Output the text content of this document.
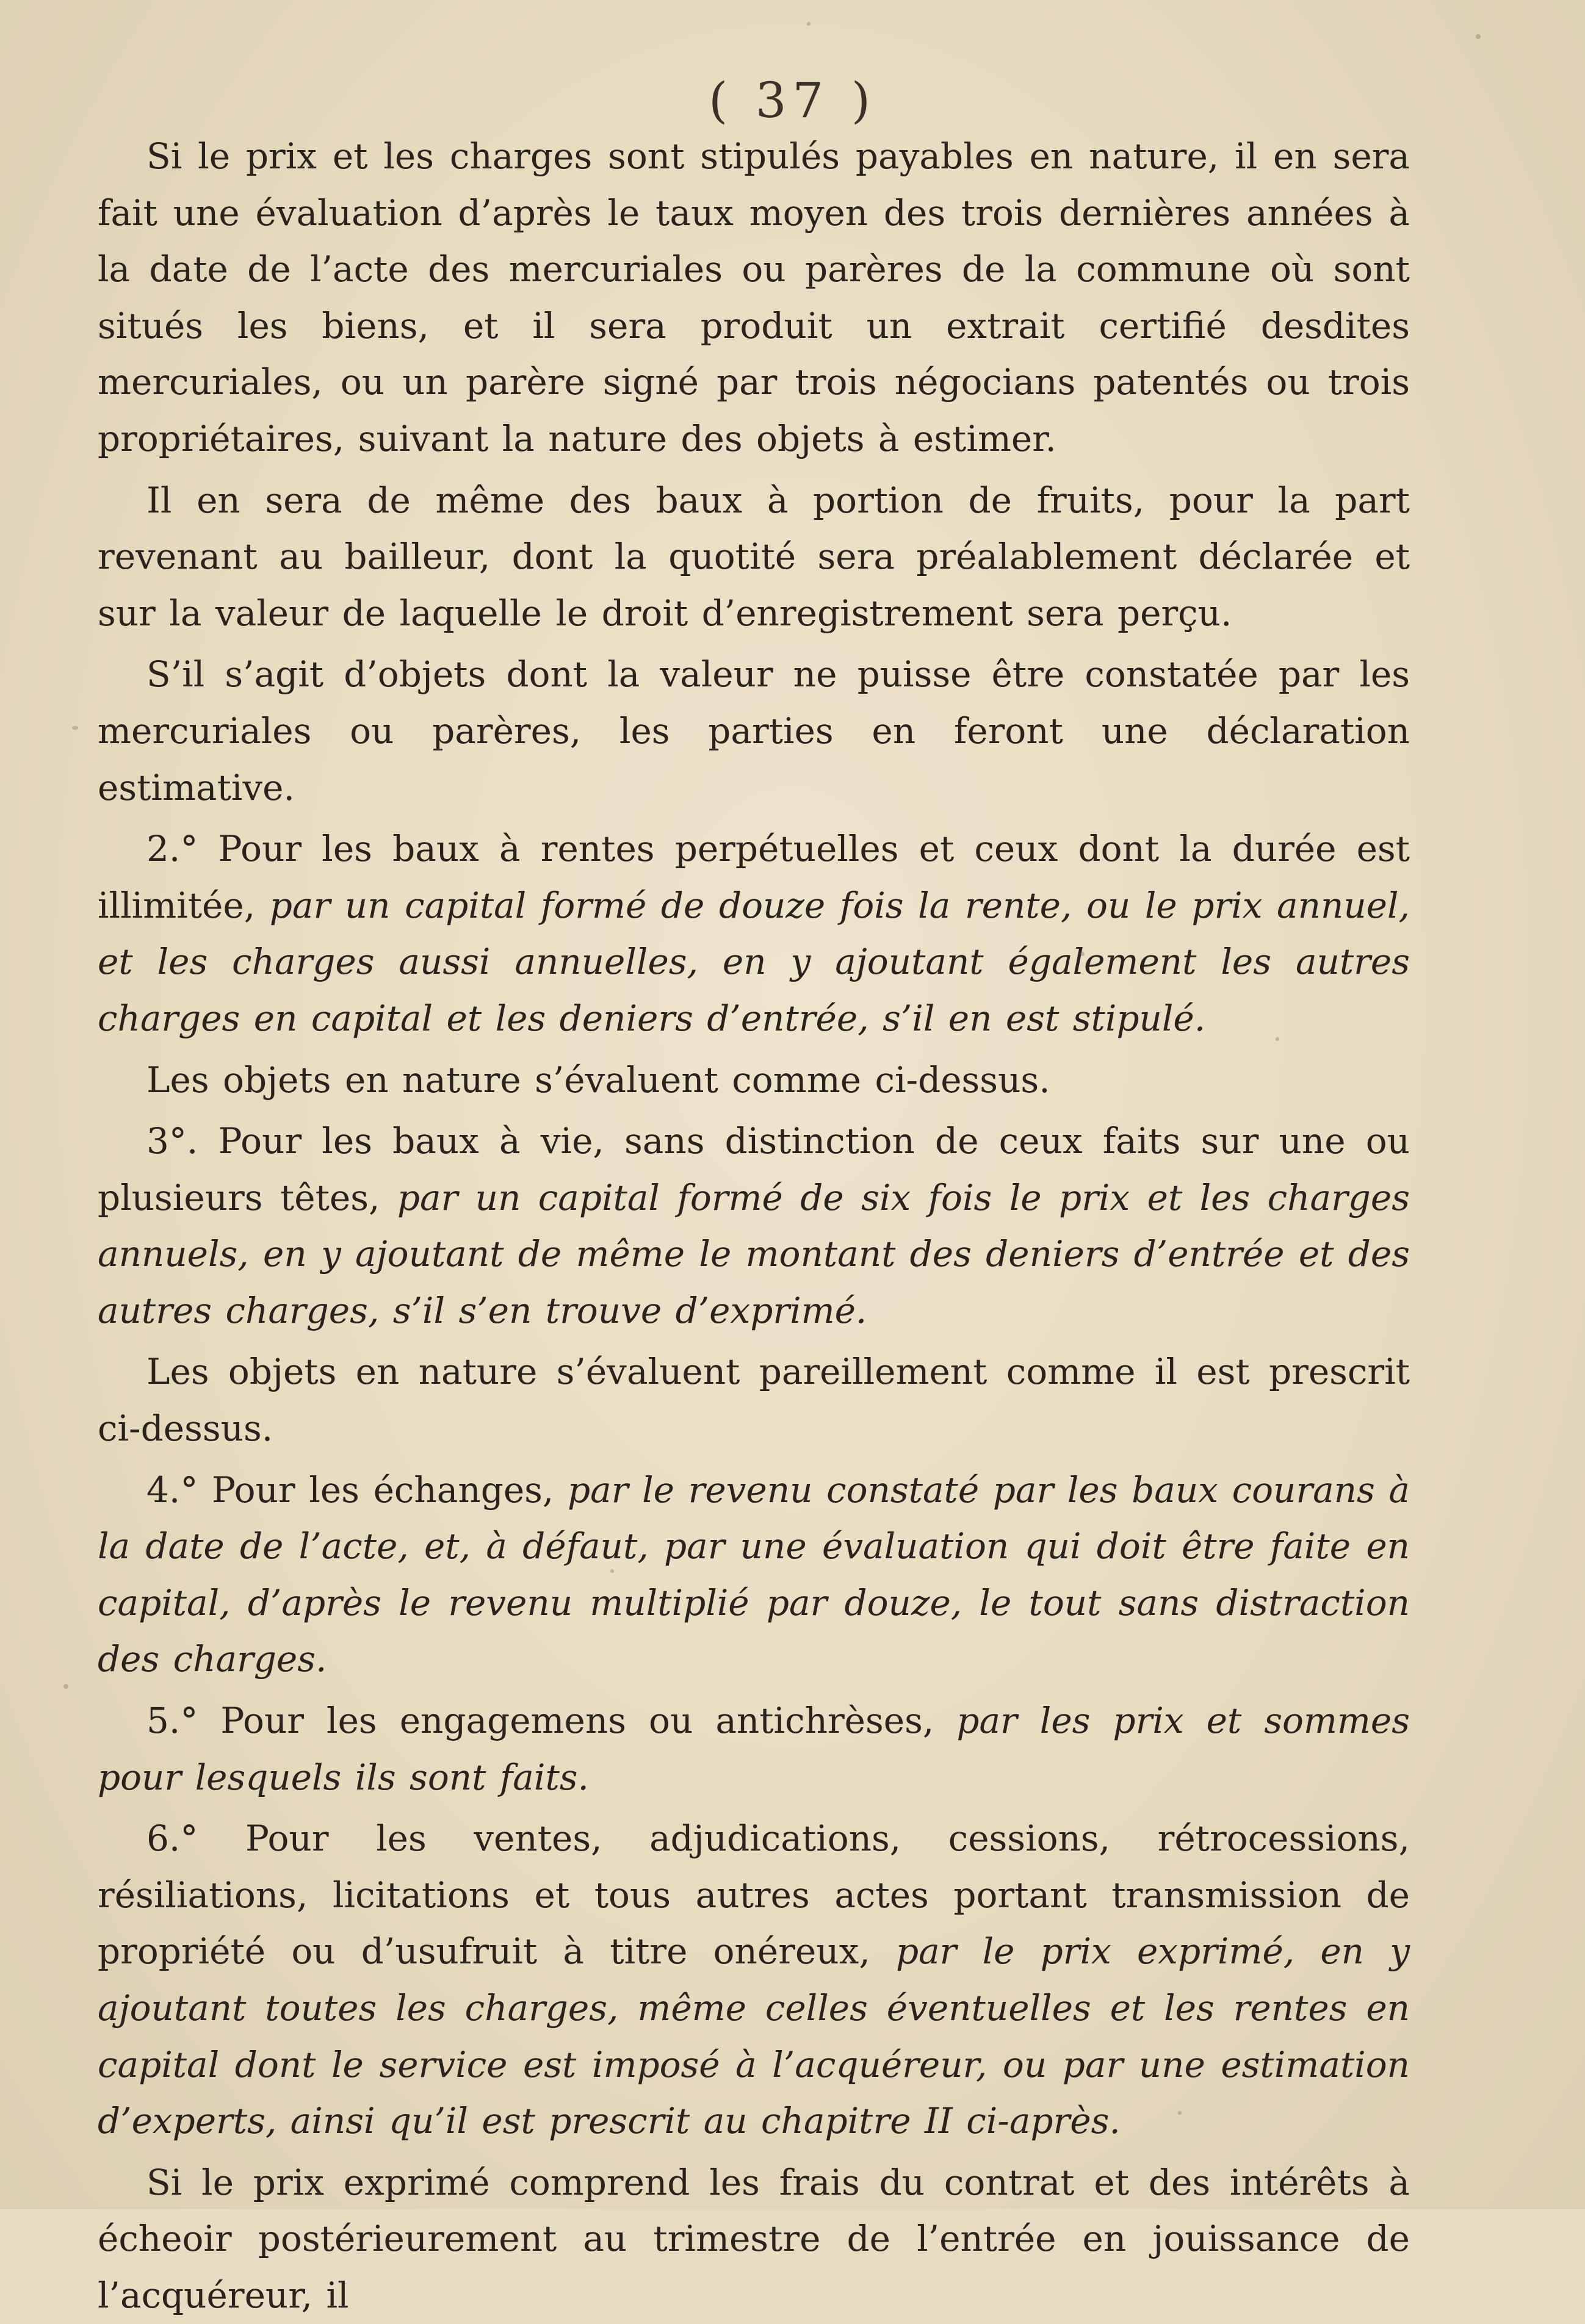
( 37 )

Si le prix et les charges sont stipulés payables en nature, il en sera fait une évaluation d’après le taux moyen des trois dernières années à la date de l’acte des mercuriales ou parères de la commune où sont situés les biens, et il sera produit un extrait certifié desdites mercuriales, ou un parère signé par trois négocians patentés ou trois propriétaires, suivant la nature des objets à estimer.

Il en sera de même des baux à portion de fruits, pour la part revenant au bailleur, dont la quotité sera préalablement déclarée et sur la valeur de laquelle le droit d’enregistrement sera perçu.

S’il s’agit d’objets dont la valeur ne puisse être constatée par les mercuriales ou parères, les parties en feront une déclaration estimative.

2.° Pour les baux à rentes perpétuelles et ceux dont la durée est illimitée, par un capital formé de douze fois la rente, ou le prix annuel, et les charges aussi annuelles, en y ajoutant également les autres charges en capital et les deniers d’entrée, s’il en est stipulé.

Les objets en nature s’évaluent comme ci-dessus.

3°. Pour les baux à vie, sans distinction de ceux faits sur une ou plusieurs têtes, par un capital formé de six fois le prix et les charges annuels, en y ajoutant de même le montant des deniers d’entrée et des autres charges, s’il s’en trouve d’exprimé.

Les objets en nature s’évaluent pareillement comme il est prescrit ci-dessus.

4.° Pour les échanges, par le revenu constaté par les baux courans à la date de l’acte, et, à défaut, par une évaluation qui doit être faite en capital, d’après le revenu multiplié par douze, le tout sans distraction des charges.

5.° Pour les engagemens ou antichrèses, par les prix et sommes pour lesquels ils sont faits.

6.° Pour les ventes, adjudications, cessions, rétrocessions, résiliations, licitations et tous autres actes portant transmission de propriété ou d’usufruit à titre onéreux, par le prix exprimé, en y ajoutant toutes les charges, même celles éventuelles et les rentes en capital dont le service est imposé à l’acquéreur, ou par une estimation d’experts, ainsi qu’il est prescrit au chapitre II ci-après.

Si le prix exprimé comprend les frais du contrat et des intérêts à écheoir postérieurement au trimestre de l’entrée en jouissance de l’acquéreur, il
